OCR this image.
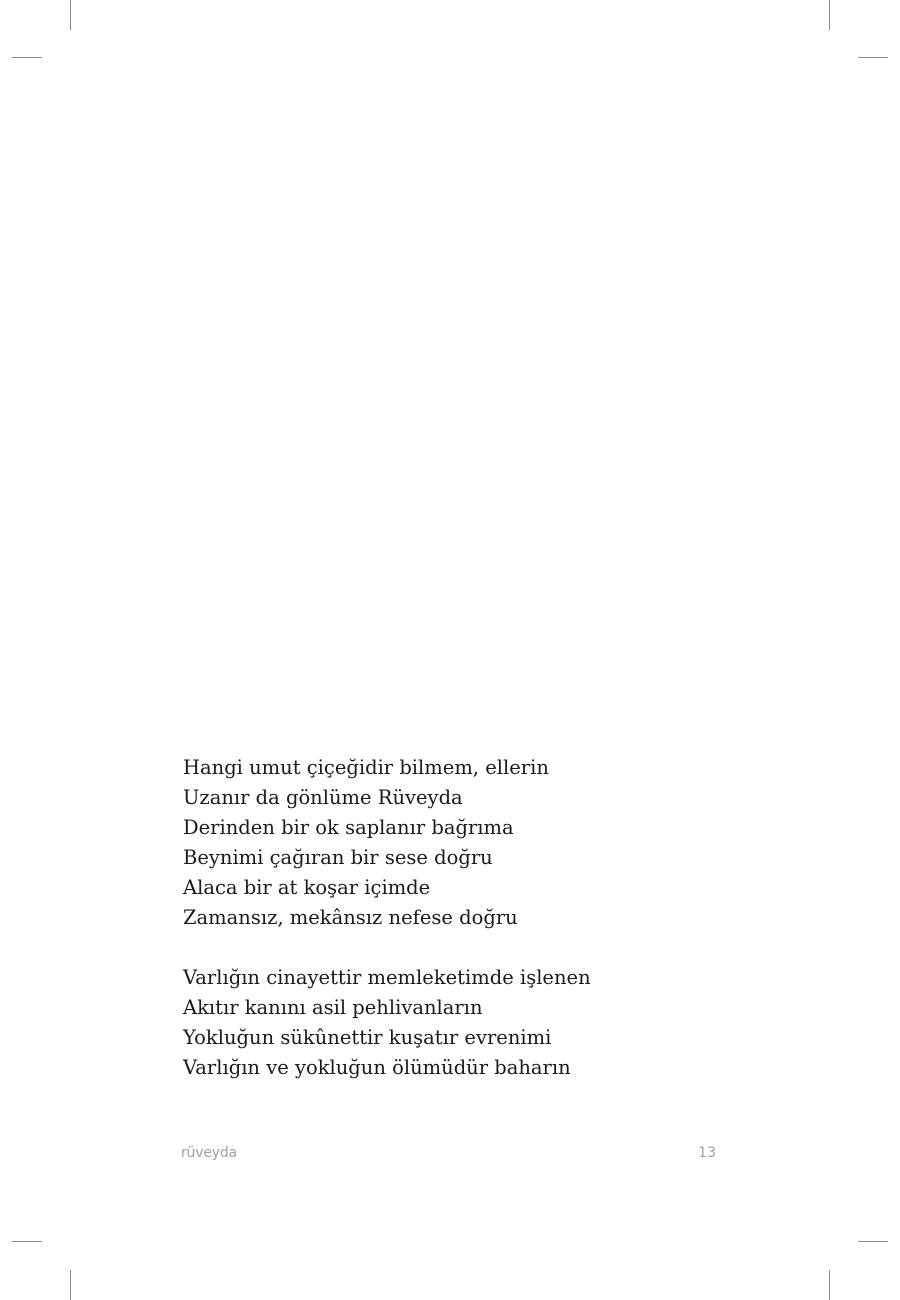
Hangi umut çiçeğidir bilmem, ellerin
Uzanır da gönlüme Rüveyda
Derinden bir ok saplanır bağrıma
Beynimi çağıran bir sese doğru
Alaca bir at koşar içimde
Zamansız, mekânsız nefese doğru
Varlığın cinayettir memleketimde işlenen
Akıtır kanını asil pehlivanların
Yokluğun sükûnettir kuşatır evrenimi
Varlığın ve yokluğun ölümüdür baharın
rüveyda	13
